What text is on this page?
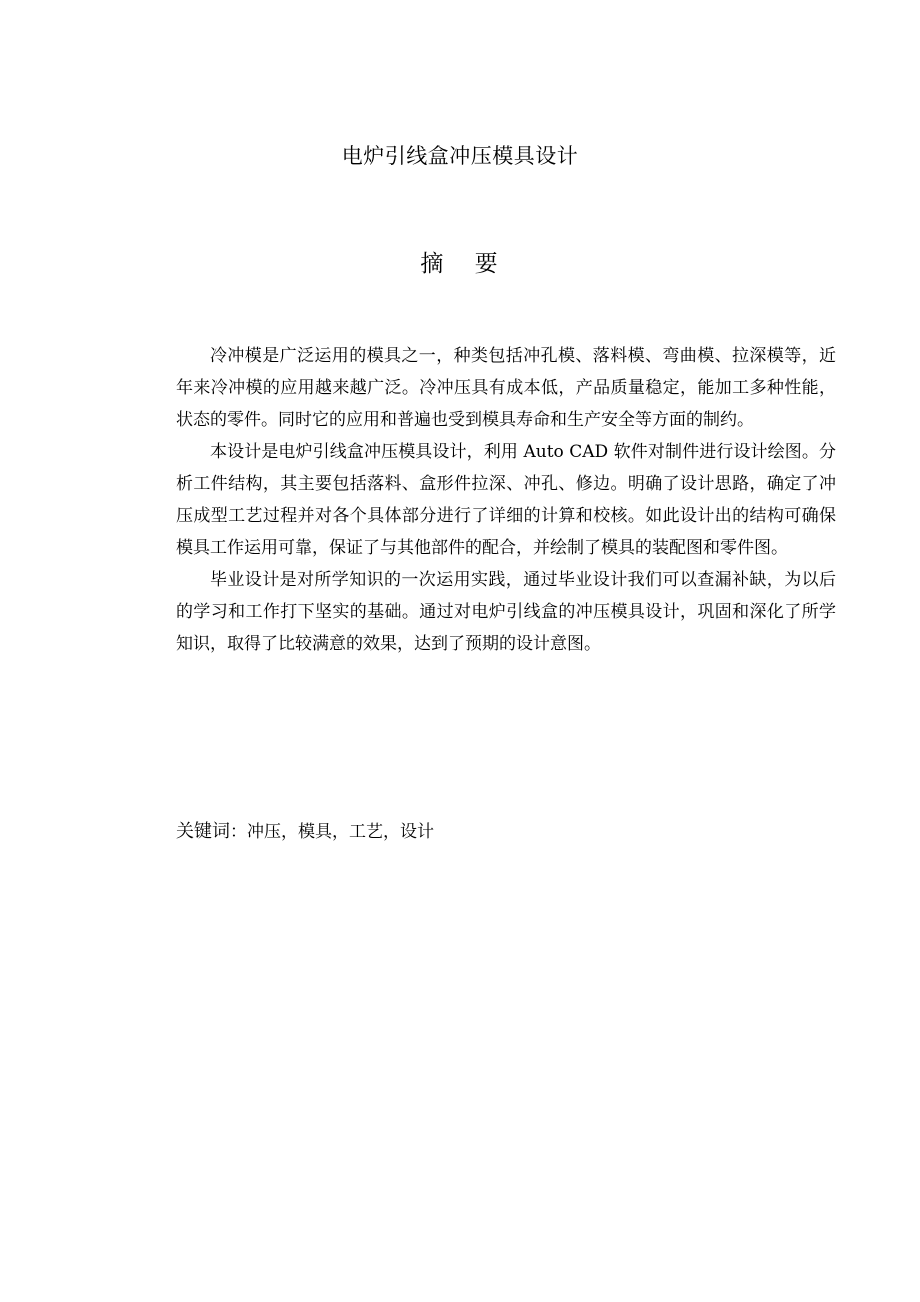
电炉引线盒冲压模具设计
摘 要

冷冲模是广泛运用的模具之一，种类包括冲孔模、落料模、弯曲模、拉深模等，近年来冷冲模的应用越来越广泛。冷冲压具有成本低，产品质量稳定，能加工多种性能，状态的零件。同时它的应用和普遍也受到模具寿命和生产安全等方面的制约。

本设计是电炉引线盒冲压模具设计，利用 Auto CAD 软件对制件进行设计绘图。分析工件结构，其主要包括落料、盒形件拉深、冲孔、修边。明确了设计思路，确定了冲压成型工艺过程并对各个具体部分进行了详细的计算和校核。如此设计出的结构可确保模具工作运用可靠，保证了与其他部件的配合，并绘制了模具的装配图和零件图。

毕业设计是对所学知识的一次运用实践，通过毕业设计我们可以查漏补缺，为以后的学习和工作打下坚实的基础。通过对电炉引线盒的冲压模具设计，巩固和深化了所学知识，取得了比较满意的效果，达到了预期的设计意图。

关键词：冲压，模具，工艺，设计
